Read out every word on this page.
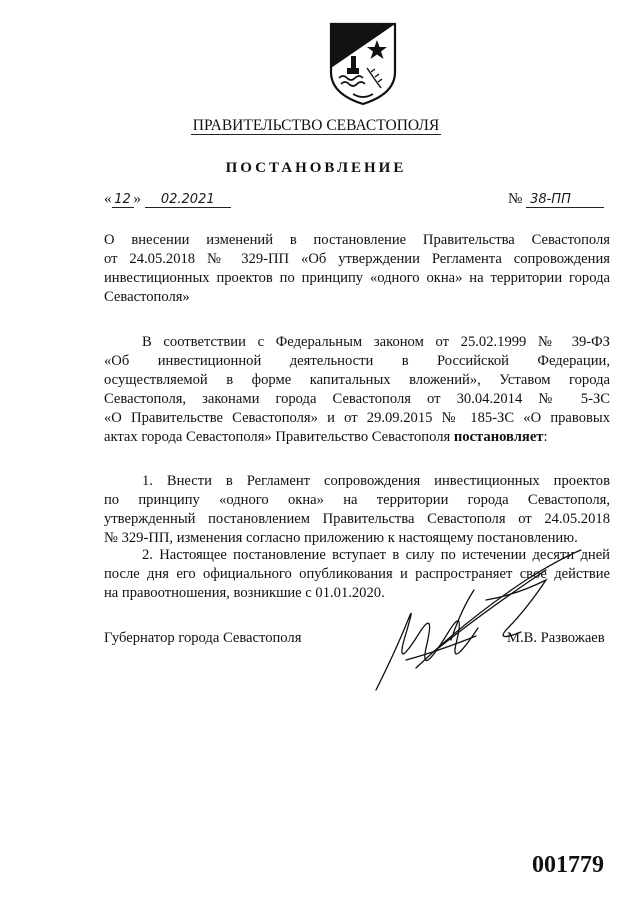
ПРАВИТЕЛЬСТВО СЕВАСТОПОЛЯ
ПОСТАНОВЛЕНИЕ
« 12 » 02.2021	№ 38-ПП
О внесении изменений в постановление Правительства Севастополя
от 24.05.2018 № 329-ПП «Об утверждении Регламента сопровождения
инвестиционных проектов по принципу «одного окна» на территории города
Севастополя»
В соответствии с Федеральным законом от 25.02.1999 № 39-ФЗ
«Об инвестиционной деятельности в Российской Федерации,
осуществляемой в форме капитальных вложений», Уставом города
Севастополя, законами города Севастополя от 30.04.2014 № 5-ЗС
«О Правительстве Севастополя» и от 29.09.2015 № 185-ЗС «О правовых
актах города Севастополя» Правительство Севастополя постановляет:
1. Внести в Регламент сопровождения инвестиционных проектов
по принципу «одного окна» на территории города Севастополя,
утвержденный постановлением Правительства Севастополя от 24.05.2018
№ 329-ПП, изменения согласно приложению к настоящему постановлению.
2. Настоящее постановление вступает в силу по истечении десяти дней
после дня его официального опубликования и распространяет свое действие
на правоотношения, возникшие с 01.01.2020.
Губернатор города Севастополя	М.В. Развожаев
001779
